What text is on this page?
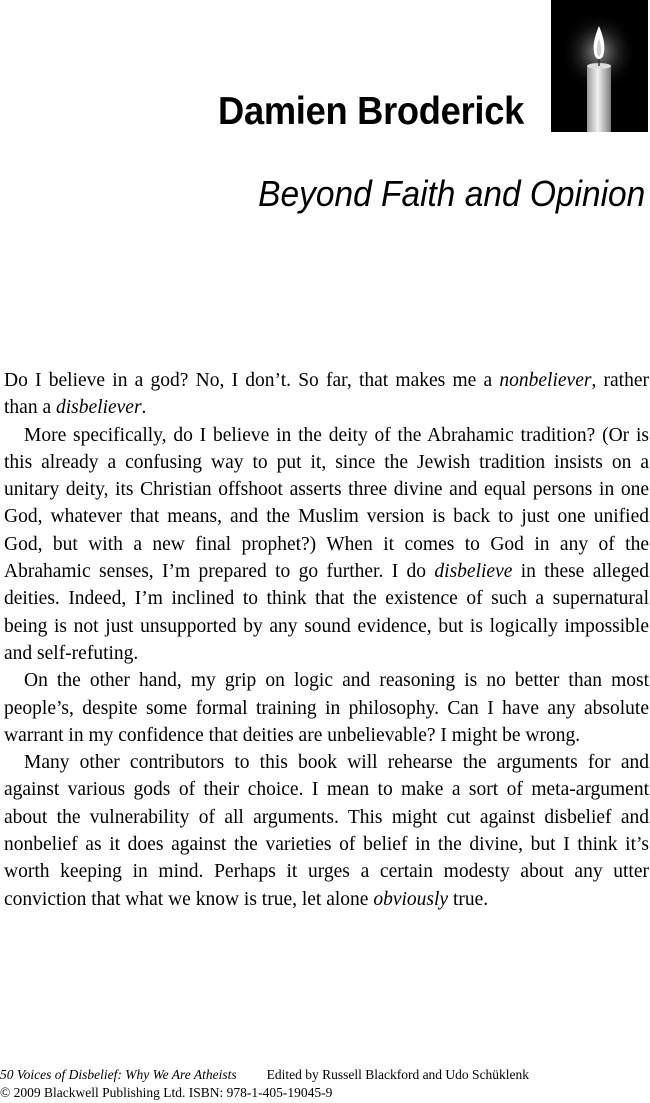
Damien Broderick
Beyond Faith and Opinion

Do I believe in a god? No, I don’t. So far, that makes me a nonbeliever, rather than a disbeliever.

More specifically, do I believe in the deity of the Abrahamic tradition? (Or is this already a confusing way to put it, since the Jewish tradition insists on a unitary deity, its Christian offshoot asserts three divine and equal persons in one God, whatever that means, and the Muslim version is back to just one unified God, but with a new final prophet?) When it comes to God in any of the Abrahamic senses, I’m prepared to go further. I do disbelieve in these alleged deities. Indeed, I’m inclined to think that the existence of such a supernatural being is not just unsupported by any sound evidence, but is logically impossible and self-refuting.

On the other hand, my grip on logic and reasoning is no better than most people’s, despite some formal training in philosophy. Can I have any absolute warrant in my confidence that deities are unbelievable? I might be wrong.

Many other contributors to this book will rehearse the arguments for and against various gods of their choice. I mean to make a sort of meta-argument about the vulnerability of all arguments. This might cut against disbelief and nonbelief as it does against the varieties of belief in the divine, but I think it’s worth keeping in mind. Perhaps it urges a certain modesty about any utter conviction that what we know is true, let alone obviously true.

50 Voices of Disbelief: Why We Are Atheists Edited by Russell Blackford and Udo Schüklenk
© 2009 Blackwell Publishing Ltd. ISBN: 978-1-405-19045-9
